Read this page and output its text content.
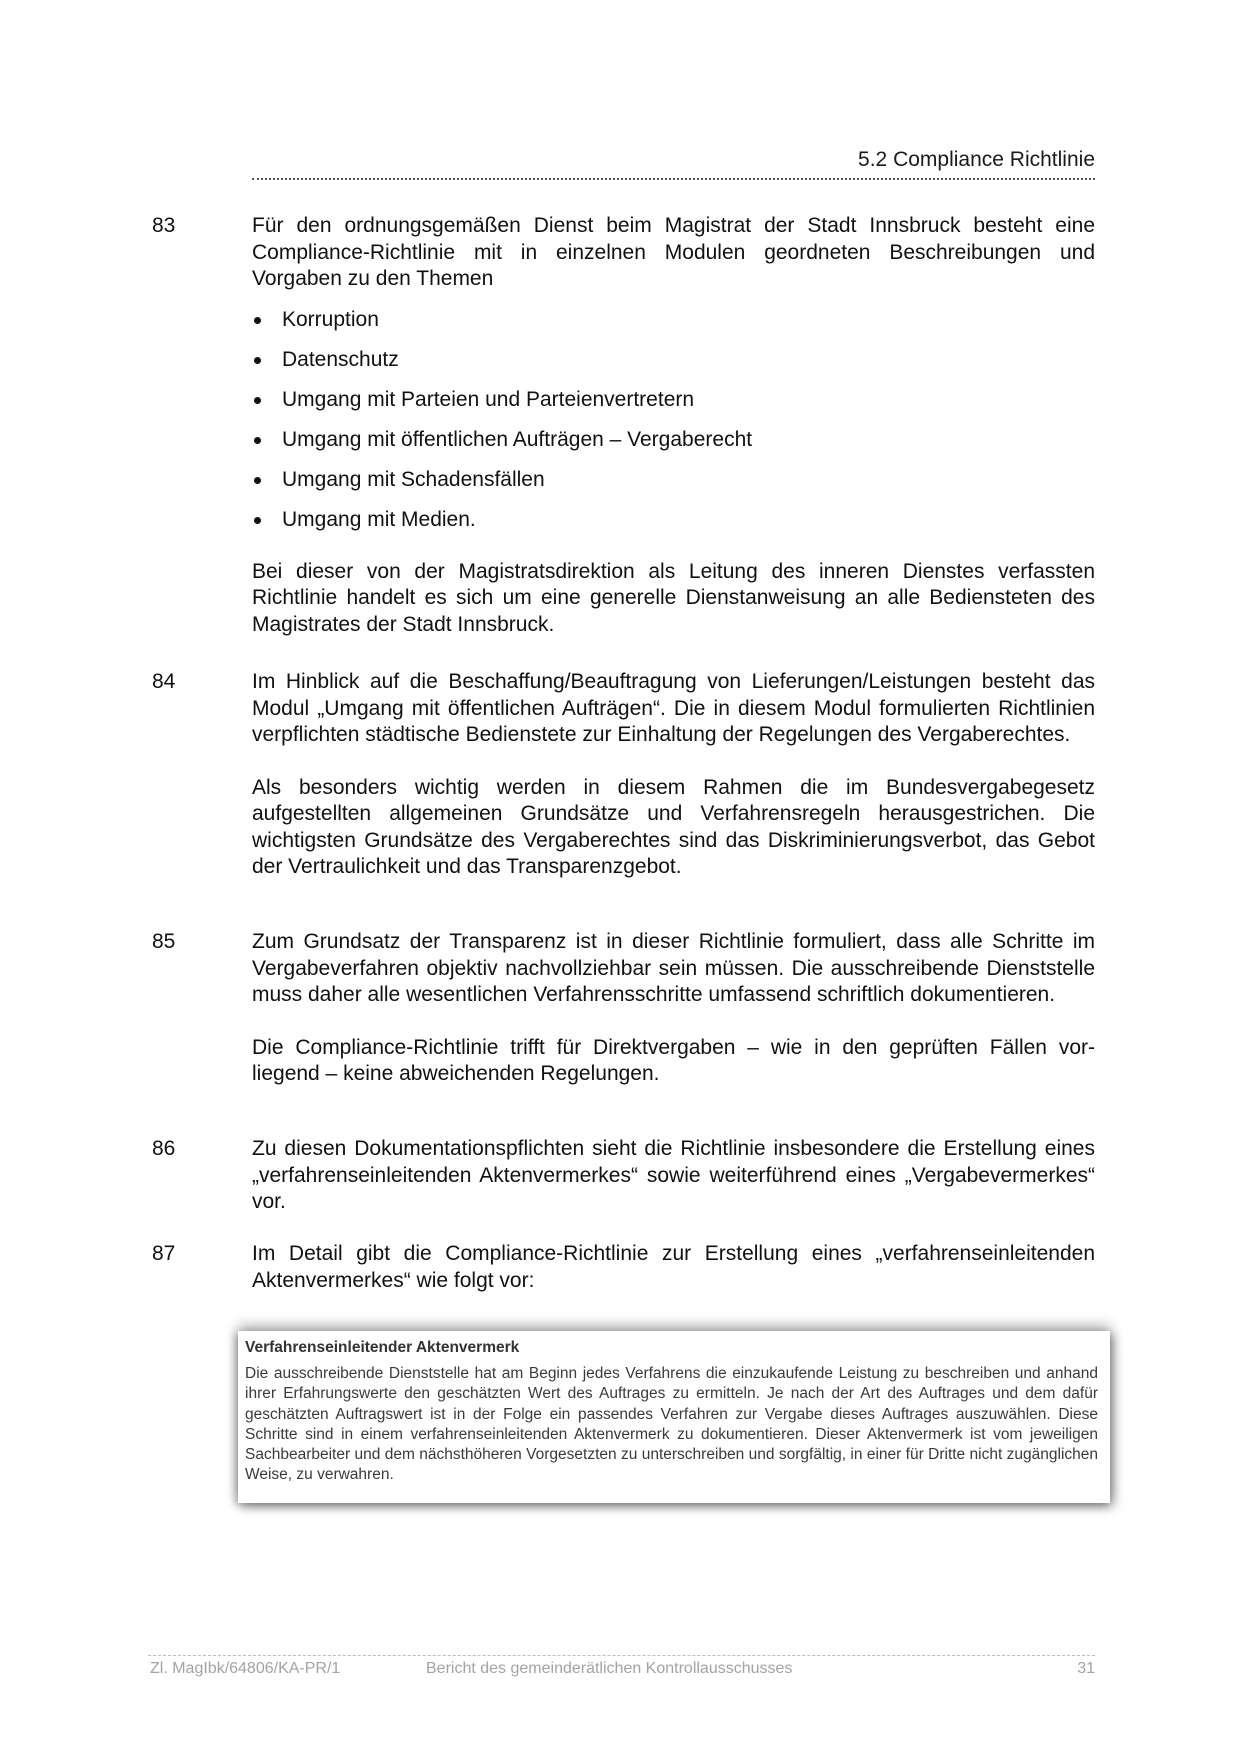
5.2 Compliance Richtlinie
83	Für den ordnungsgemäßen Dienst beim Magistrat der Stadt Innsbruck besteht eine Compliance-Richtlinie mit in einzelnen Modulen geordneten Beschreibungen und Vorgaben zu den Themen

Korruption
Datenschutz
Umgang mit Parteien und Parteienvertretern
Umgang mit öffentlichen Aufträgen – Vergaberecht
Umgang mit Schadensfällen
Umgang mit Medien.

Bei dieser von der Magistratsdirektion als Leitung des inneren Dienstes verfassten Richtlinie handelt es sich um eine generelle Dienstanweisung an alle Bediensteten des Magistrates der Stadt Innsbruck.

84	Im Hinblick auf die Beschaffung/Beauftragung von Lieferungen/Leistungen besteht das Modul „Umgang mit öffentlichen Aufträgen“. Die in diesem Modul formulierten Richtlinien verpflichten städtische Bedienstete zur Einhaltung der Regelungen des Vergaberechtes.

Als besonders wichtig werden in diesem Rahmen die im Bundesvergabegesetz aufgestellten allgemeinen Grundsätze und Verfahrensregeln herausgestrichen. Die wichtigsten Grundsätze des Vergaberechtes sind das Diskriminierungsverbot, das Gebot der Vertraulichkeit und das Transparenzgebot.

85	Zum Grundsatz der Transparenz ist in dieser Richtlinie formuliert, dass alle Schritte im Vergabeverfahren objektiv nachvollziehbar sein müssen. Die ausschreibende Dienststelle muss daher alle wesentlichen Verfahrensschritte umfassend schriftlich dokumentieren.

Die Compliance-Richtlinie trifft für Direktvergaben – wie in den geprüften Fällen vor-liegend – keine abweichenden Regelungen.

86	Zu diesen Dokumentationspflichten sieht die Richtlinie insbesondere die Erstellung eines „verfahrenseinleitenden Aktenvermerkes“ sowie weiterführend eines „Vergabevermerkes“ vor.

87	Im Detail gibt die Compliance-Richtlinie zur Erstellung eines „verfahrenseinleitenden Aktenvermerkes“ wie folgt vor:

Verfahrenseinleitender Aktenvermerk
Die ausschreibende Dienststelle hat am Beginn jedes Verfahrens die einzukaufende Leistung zu beschreiben und anhand ihrer Erfahrungswerte den geschätzten Wert des Auftrages zu ermitteln. Je nach der Art des Auftrages und dem dafür geschätzten Auftragswert ist in der Folge ein passendes Verfahren zur Vergabe dieses Auftrages auszuwählen. Diese Schritte sind in einem verfahrenseinleitenden Aktenvermerk zu dokumentieren. Dieser Aktenvermerk ist vom jeweiligen Sachbearbeiter und dem nächsthöheren Vorgesetzten zu unterschreiben und sorgfältig, in einer für Dritte nicht zugänglichen Weise, zu verwahren.
Zl. MagIbk/64806/KA-PR/1	Bericht des gemeinderätlichen Kontrollausschusses	31
